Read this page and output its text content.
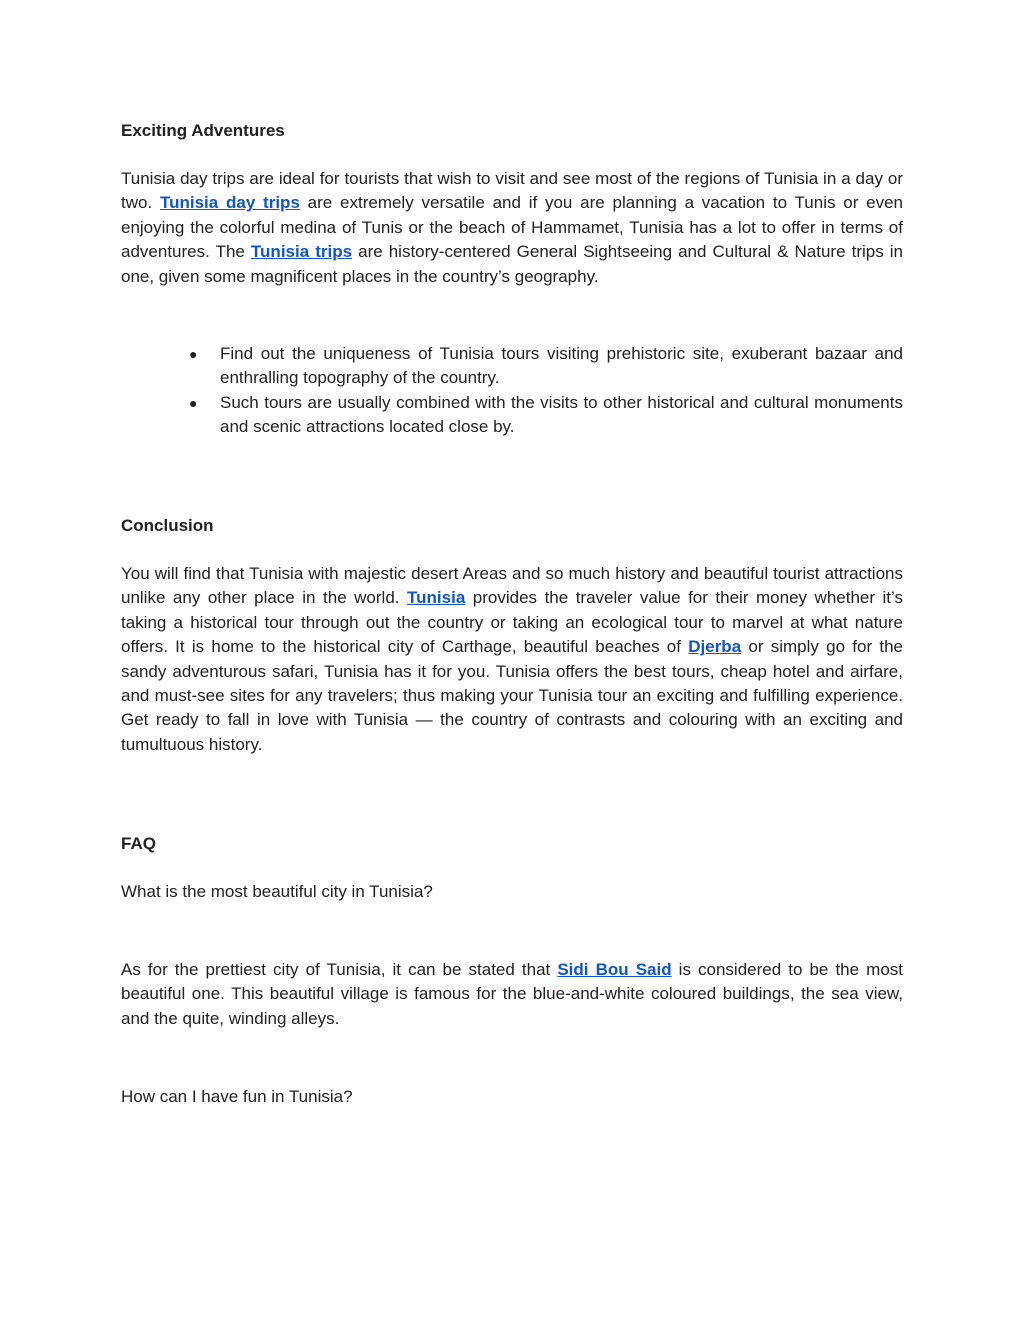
Exciting Adventures

Tunisia day trips are ideal for tourists that wish to visit and see most of the regions of Tunisia in a day or two. Tunisia day trips are extremely versatile and if you are planning a vacation to Tunis or even enjoying the colorful medina of Tunis or the beach of Hammamet, Tunisia has a lot to offer in terms of adventures. The Tunisia trips are history-centered General Sightseeing and Cultural & Nature trips in one, given some magnificent places in the country’s geography.

● Find out the uniqueness of Tunisia tours visiting prehistoric site, exuberant bazaar and enthralling topography of the country.
● Such tours are usually combined with the visits to other historical and cultural monuments and scenic attractions located close by.
Conclusion

You will find that Tunisia with majestic desert Areas and so much history and beautiful tourist attractions unlike any other place in the world. Tunisia provides the traveler value for their money whether it’s taking a historical tour through out the country or taking an ecological tour to marvel at what nature offers. It is home to the historical city of Carthage, beautiful beaches of Djerba or simply go for the sandy adventurous safari, Tunisia has it for you. Tunisia offers the best tours, cheap hotel and airfare, and must-see sites for any travelers; thus making your Tunisia tour an exciting and fulfilling experience. Get ready to fall in love with Tunisia — the country of contrasts and colouring with an exciting and tumultuous history.

FAQ

What is the most beautiful city in Tunisia?

As for the prettiest city of Tunisia, it can be stated that Sidi Bou Said is considered to be the most beautiful one. This beautiful village is famous for the blue-and-white coloured buildings, the sea view, and the quite, winding alleys.

How can I have fun in Tunisia?
